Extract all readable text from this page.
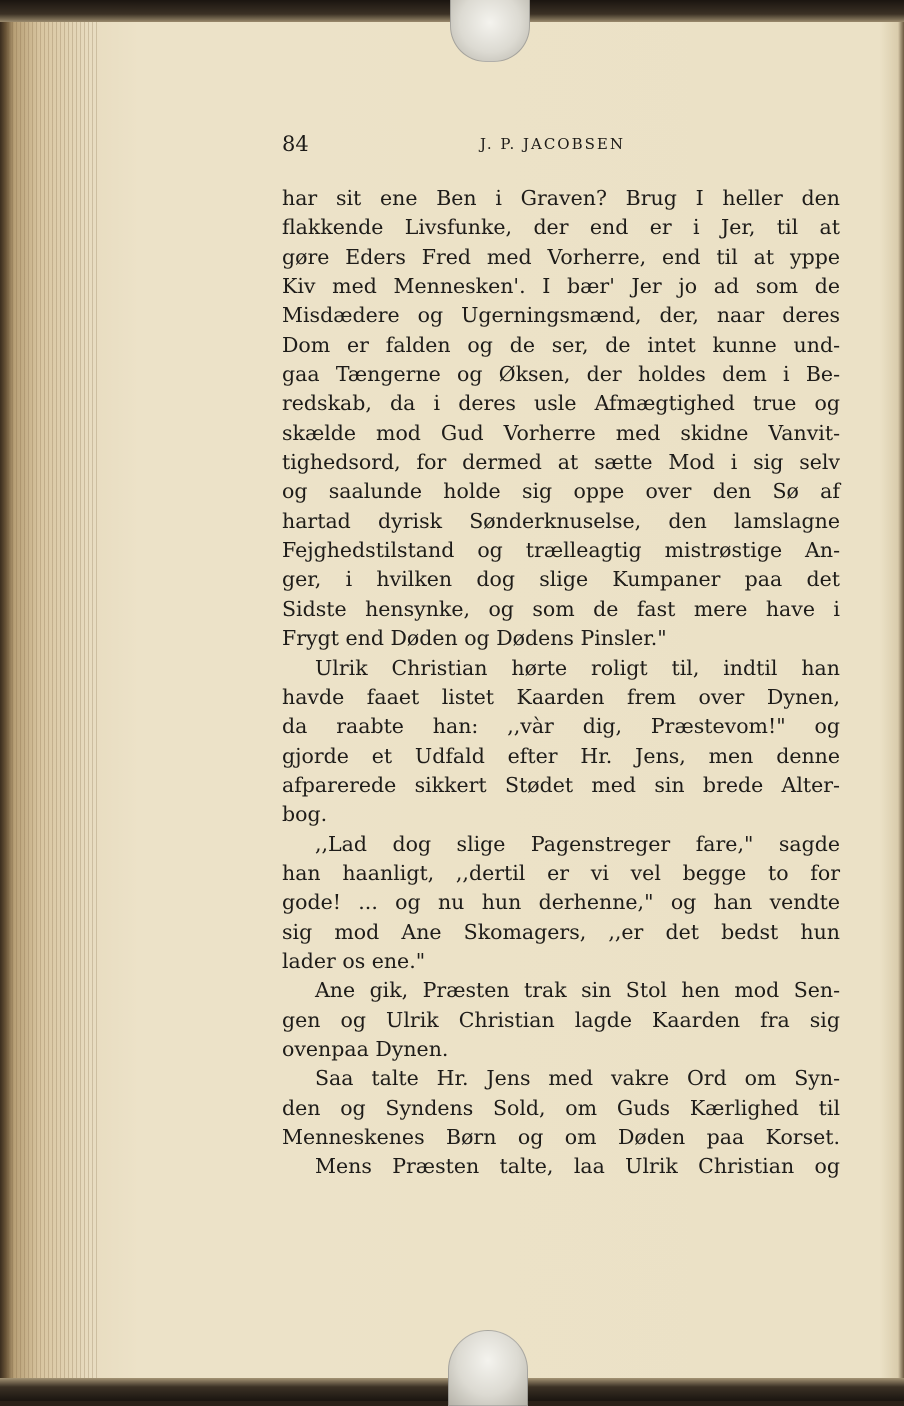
84	J. P. JACOBSEN
har sit ene Ben i Graven? Brug I heller den
flakkende Livsfunke, der end er i Jer, til at
gøre Eders Fred med Vorherre, end til at yppe
Kiv med Mennesken'. I bær' Jer jo ad som de
Misdædere og Ugerningsmænd, der, naar deres
Dom er falden og de ser, de intet kunne und-
gaa Tængerne og Øksen, der holdes dem i Be-
redskab, da i deres usle Afmægtighed true og
skælde mod Gud Vorherre med skidne Vanvit-
tighedsord, for dermed at sætte Mod i sig selv
og saalunde holde sig oppe over den Sø af
hartad dyrisk Sønderknuselse, den lamslagne
Fejghedstilstand og trælleagtig mistrøstige An-
ger, i hvilken dog slige Kumpaner paa det
Sidste hensynke, og som de fast mere have i
Frygt end Døden og Dødens Pinsler."
Ulrik Christian hørte roligt til, indtil han
havde faaet listet Kaarden frem over Dynen,
da raabte han: ,,vàr dig, Præstevom!" og
gjorde et Udfald efter Hr. Jens, men denne
afparerede sikkert Stødet med sin brede Alter-
bog.
,,Lad dog slige Pagenstreger fare," sagde
han haanligt, ,,dertil er vi vel begge to for
gode! ... og nu hun derhenne," og han vendte
sig mod Ane Skomagers, ,,er det bedst hun
lader os ene."
Ane gik, Præsten trak sin Stol hen mod Sen-
gen og Ulrik Christian lagde Kaarden fra sig
ovenpaa Dynen.
Saa talte Hr. Jens med vakre Ord om Syn-
den og Syndens Sold, om Guds Kærlighed til
Menneskenes Børn og om Døden paa Korset.
Mens Præsten talte, laa Ulrik Christian og
